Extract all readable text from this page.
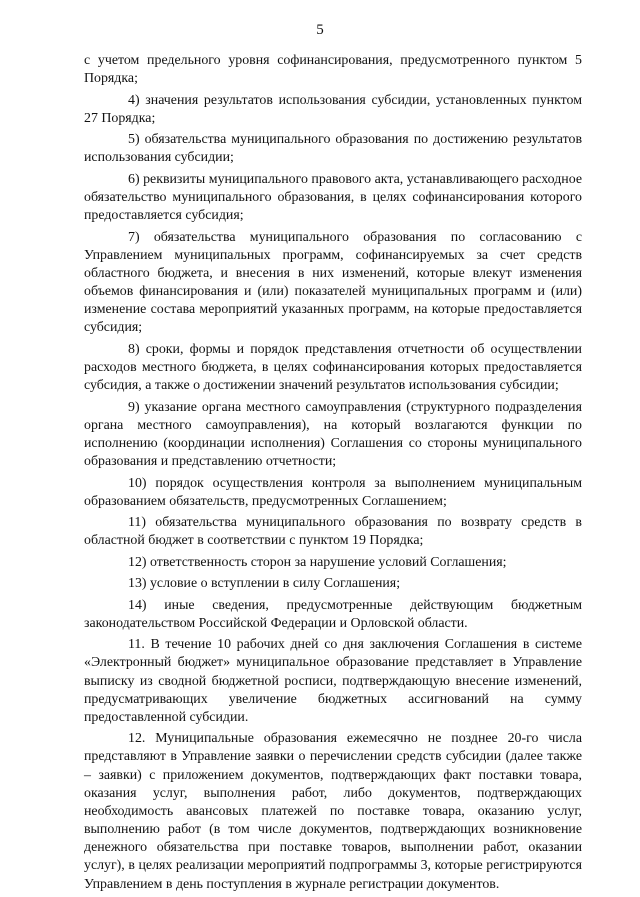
5

с учетом предельного уровня софинансирования, предусмотренного пунктом 5 Порядка;

4) значения результатов использования субсидии, установленных пунктом 27 Порядка;

5) обязательства муниципального образования по достижению результатов использования субсидии;

6) реквизиты муниципального правового акта, устанавливающего расходное обязательство муниципального образования, в целях софинансирования которого предоставляется субсидия;

7) обязательства муниципального образования по согласованию с Управлением муниципальных программ, софинансируемых за счет средств областного бюджета, и внесения в них изменений, которые влекут изменения объемов финансирования и (или) показателей муниципальных программ и (или) изменение состава мероприятий указанных программ, на которые предоставляется субсидия;

8) сроки, формы и порядок представления отчетности об осуществлении расходов местного бюджета, в целях софинансирования которых предоставляется субсидия, а также о достижении значений результатов использования субсидии;

9) указание органа местного самоуправления (структурного подразделения органа местного самоуправления), на который возлагаются функции по исполнению (координации исполнения) Соглашения со стороны муниципального образования и представлению отчетности;

10) порядок осуществления контроля за выполнением муниципальным образованием обязательств, предусмотренных Соглашением;

11) обязательства муниципального образования по возврату средств в областной бюджет в соответствии с пунктом 19 Порядка;

12) ответственность сторон за нарушение условий Соглашения;

13) условие о вступлении в силу Соглашения;

14) иные сведения, предусмотренные действующим бюджетным законодательством Российской Федерации и Орловской области.

11. В течение 10 рабочих дней со дня заключения Соглашения в системе «Электронный бюджет» муниципальное образование представляет в Управление выписку из сводной бюджетной росписи, подтверждающую внесение изменений, предусматривающих увеличение бюджетных ассигнований на сумму предоставленной субсидии.

12. Муниципальные образования ежемесячно не позднее 20-го числа представляют в Управление заявки о перечислении средств субсидии (далее также – заявки) с приложением документов, подтверждающих факт поставки товара, оказания услуг, выполнения работ, либо документов, подтверждающих необходимость авансовых платежей по поставке товара, оказанию услуг, выполнению работ (в том числе документов, подтверждающих возникновение денежного обязательства при поставке товаров, выполнении работ, оказании услуг), в целях реализации мероприятий подпрограммы 3, которые регистрируются Управлением в день поступления в журнале регистрации документов.
